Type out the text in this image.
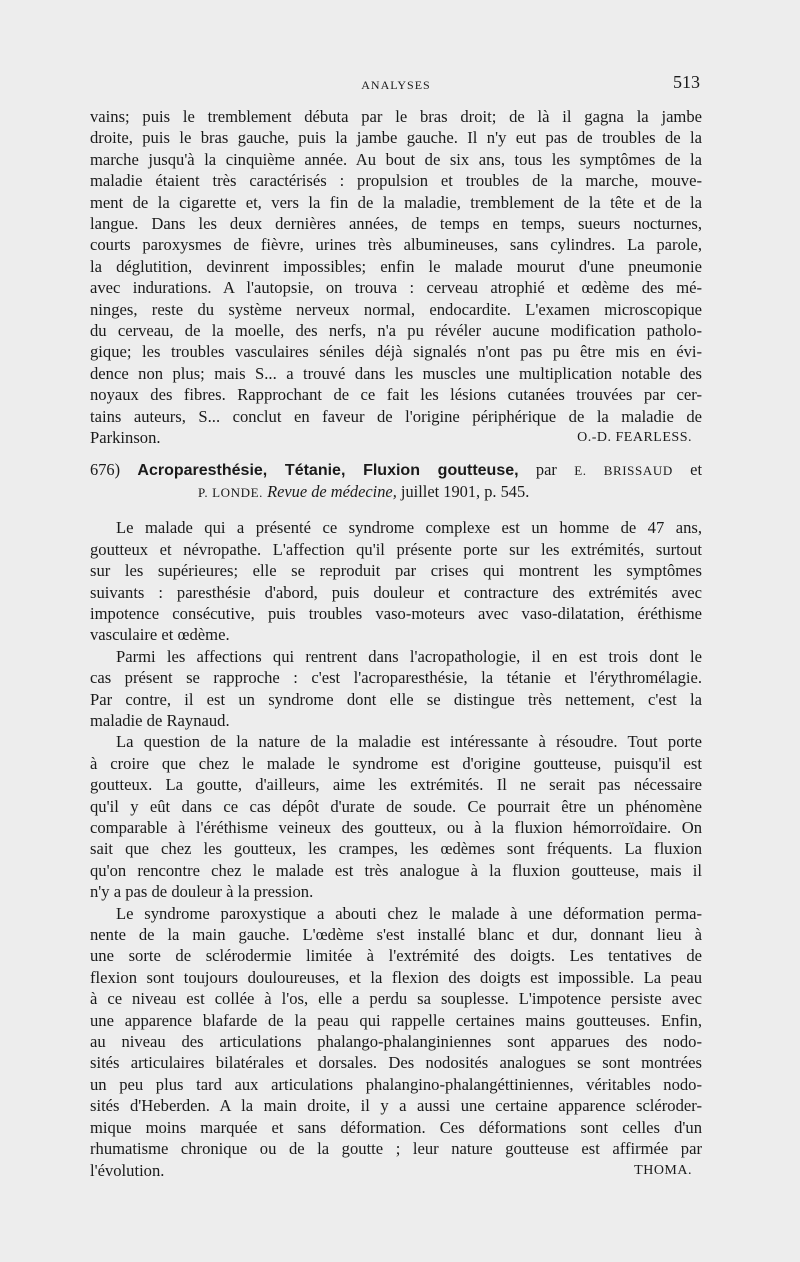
ANALYSES	513
vains; puis le tremblement débuta par le bras droit; de là il gagna la jambe
droite, puis le bras gauche, puis la jambe gauche. Il n'y eut pas de troubles de la
marche jusqu'à la cinquième année. Au bout de six ans, tous les symptômes de la
maladie étaient très caractérisés : propulsion et troubles de la marche, mouve-
ment de la cigarette et, vers la fin de la maladie, tremblement de la tête et de la
langue. Dans les deux dernières années, de temps en temps, sueurs nocturnes,
courts paroxysmes de fièvre, urines très albumineuses, sans cylindres. La parole,
la déglutition, devinrent impossibles; enfin le malade mourut d'une pneumonie
avec indurations. A l'autopsie, on trouva : cerveau atrophié et œdème des mé-
ninges, reste du système nerveux normal, endocardite. L'examen microscopique
du cerveau, de la moelle, des nerfs, n'a pu révéler aucune modification patholo-
gique; les troubles vasculaires séniles déjà signalés n'ont pas pu être mis en évi-
dence non plus; mais S... a trouvé dans les muscles une multiplication notable des
noyaux des fibres. Rapprochant de ce fait les lésions cutanées trouvées par cer-
tains auteurs, S... conclut en faveur de l'origine périphérique de la maladie de
Parkinson.	O.-D. FEARLESS.
676) Acroparesthésie, Tétanie, Fluxion goutteuse, par E. BRISSAUD et
P. LONDE. Revue de médecine, juillet 1901, p. 545.
Le malade qui a présenté ce syndrome complexe est un homme de 47 ans,
goutteux et névropathe. L'affection qu'il présente porte sur les extrémités, surtout
sur les supérieures; elle se reproduit par crises qui montrent les symptômes
suivants : paresthésie d'abord, puis douleur et contracture des extrémités avec
impotence consécutive, puis troubles vaso-moteurs avec vaso-dilatation, éréthisme
vasculaire et œdème.
Parmi les affections qui rentrent dans l'acropathologie, il en est trois dont le
cas présent se rapproche : c'est l'acroparesthésie, la tétanie et l'érythromélagie.
Par contre, il est un syndrome dont elle se distingue très nettement, c'est la
maladie de Raynaud.
La question de la nature de la maladie est intéressante à résoudre. Tout porte
à croire que chez le malade le syndrome est d'origine goutteuse, puisqu'il est
goutteux. La goutte, d'ailleurs, aime les extrémités. Il ne serait pas nécessaire
qu'il y eût dans ce cas dépôt d'urate de soude. Ce pourrait être un phénomène
comparable à l'éréthisme veineux des goutteux, ou à la fluxion hémorroïdaire. On
sait que chez les goutteux, les crampes, les œdèmes sont fréquents. La fluxion
qu'on rencontre chez le malade est très analogue à la fluxion goutteuse, mais il
n'y a pas de douleur à la pression.
Le syndrome paroxystique a abouti chez le malade à une déformation perma-
nente de la main gauche. L'œdème s'est installé blanc et dur, donnant lieu à
une sorte de sclérodermie limitée à l'extrémité des doigts. Les tentatives de
flexion sont toujours douloureuses, et la flexion des doigts est impossible. La peau
à ce niveau est collée à l'os, elle a perdu sa souplesse. L'impotence persiste avec
une apparence blafarde de la peau qui rappelle certaines mains goutteuses. Enfin,
au niveau des articulations phalango-phalanginiennes sont apparues des nodo-
sités articulaires bilatérales et dorsales. Des nodosités analogues se sont montrées
un peu plus tard aux articulations phalangino-phalangéttiniennes, véritables nodo-
sités d'Heberden. A la main droite, il y a aussi une certaine apparence scléroder-
mique moins marquée et sans déformation. Ces déformations sont celles d'un
rhumatisme chronique ou de la goutte ; leur nature goutteuse est affirmée par
l'évolution.	THOMA.
